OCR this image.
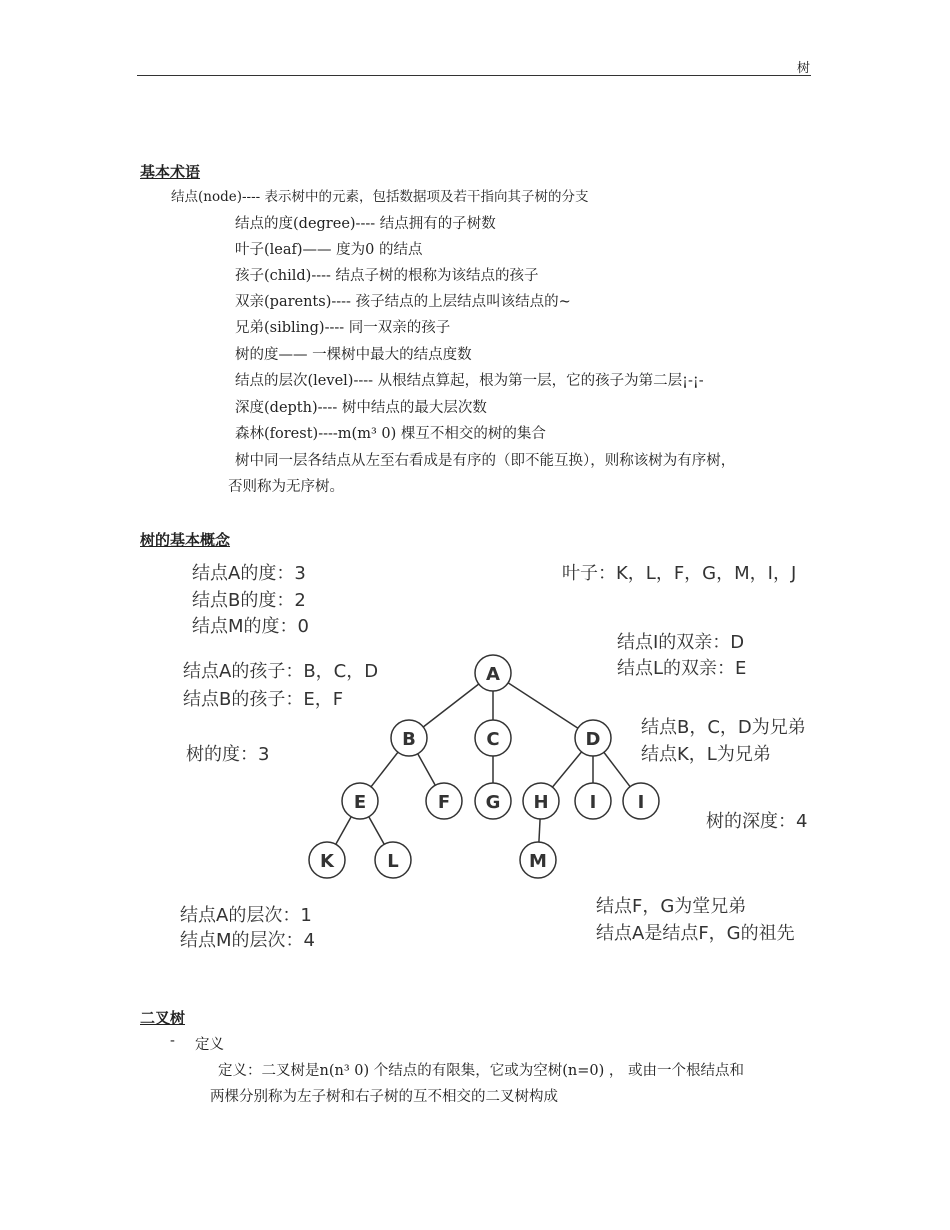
树
基本术语
结点(node)---- 表示树中的元素，包括数据项及若干指向其子树的分支
结点的度(degree)---- 结点拥有的子树数
叶子(leaf)—— 度为0 的结点
孩子(child)---- 结点子树的根称为该结点的孩子
双亲(parents)---- 孩子结点的上层结点叫该结点的~
兄弟(sibling)---- 同一双亲的孩子
树的度—— 一棵树中最大的结点度数
结点的层次(level)---- 从根结点算起，根为第一层，它的孩子为第二层¡-¡-
深度(depth)---- 树中结点的最大层次数
森林(forest)----m(m³ 0) 棵互不相交的树的集合
树中同一层各结点从左至右看成是有序的（即不能互换），则称该树为有序树，
否则称为无序树。
树的基本概念
结点A的度：3
结点B的度：2
结点M的度：0
叶子：K，L，F，G，M，I，J
结点I的双亲：D
结点L的双亲：E
结点A的孩子：B，C，D
结点B的孩子：E，F
树的度：3
结点B，C，D为兄弟
结点K，L为兄弟
树的深度：4
结点F，G为堂兄弟
结点A是结点F，G的祖先
结点A的层次：1
结点M的层次：4
A
B	C	D
E	F G H I I
K	L	M
二叉树
- 定义
定义：二叉树是n(n³ 0) 个结点的有限集，它或为空树(n=0) ， 或由一个根结点和
两棵分别称为左子树和右子树的互不相交的二叉树构成
